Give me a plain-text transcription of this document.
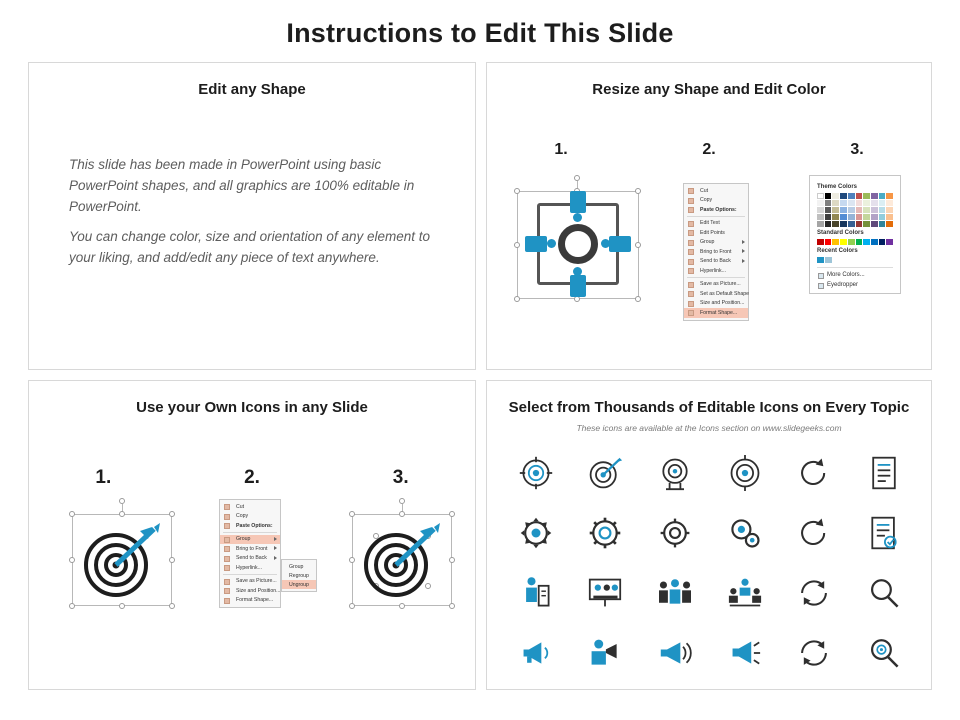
Instructions to Edit This Slide
Edit any Shape
This slide has been made in PowerPoint using basic PowerPoint shapes, and all graphics are 100% editable in PowerPoint.
You can change color, size and orientation of any element to your liking, and add/edit any piece of text anywhere.
Resize any Shape and Edit Color
1.	2.	3.
Cut
Copy
Paste Options:
Edit Text
Edit Points
Group
Bring to Front
Send to Back
Hyperlink...
Save as Picture...
Set as Default Shape
Size and Position...
Format Shape...
Theme Colors
Standard Colors
Recent Colors
More Colors...
Eyedropper
Use your Own Icons in any Slide
1.	2.	3.
Cut
Copy
Paste Options:
Group
Bring to Front
Send to Back
Hyperlink...
Save as Picture...
Size and Position...
Format Shape...
Group
Regroup
Ungroup
Select from Thousands of Editable Icons on Every Topic
These icons are available at the Icons section on www.slidegeeks.com
